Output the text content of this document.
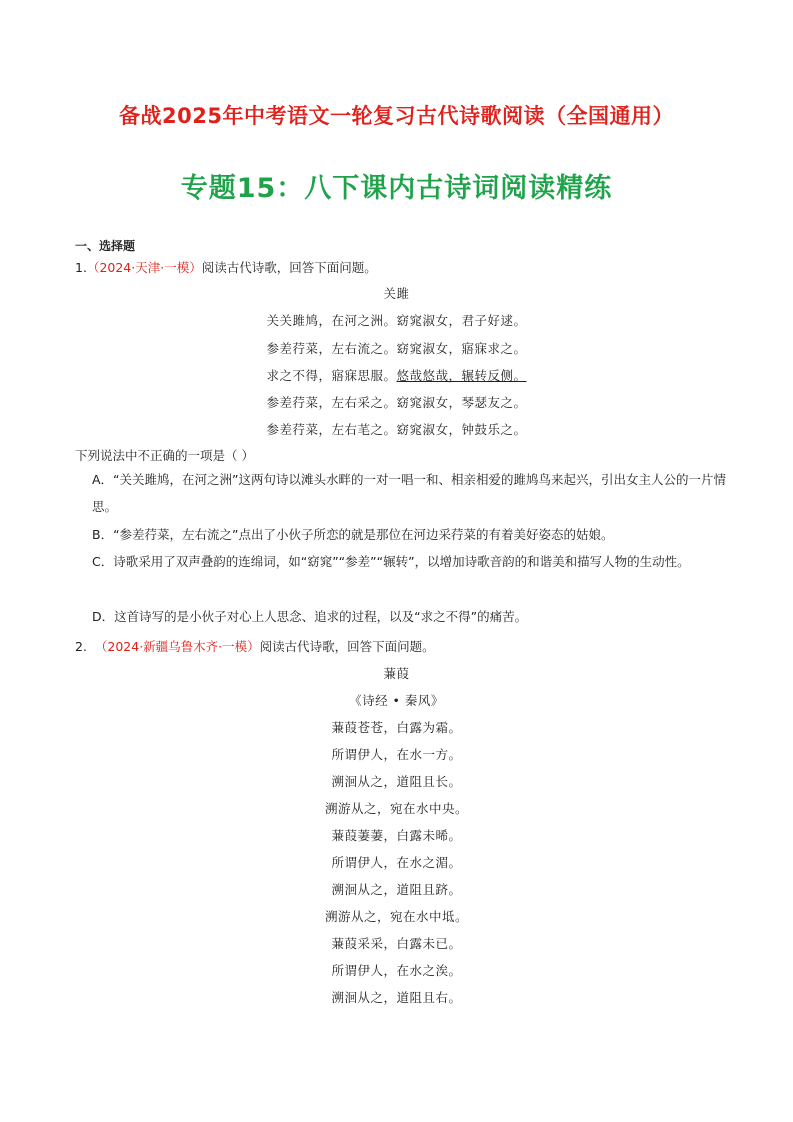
备战2025年中考语文一轮复习古代诗歌阅读（全国通用）
专题15：八下课内古诗词阅读精练
一、选择题
1.（2024·天津·一模）阅读古代诗歌，回答下面问题。
关雎
关关雎鸠，在河之洲。窈窕淑女，君子好逑。
参差荇菜，左右流之。窈窕淑女，寤寐求之。
求之不得，寤寐思服。悠哉悠哉，辗转反侧。
参差荇菜，左右采之。窈窕淑女，琴瑟友之。
参差荇菜，左右芼之。窈窕淑女，钟鼓乐之。
下列说法中不正确的一项是（ ）
A．“关关雎鸠，在河之洲”这两句诗以滩头水畔的一对一唱一和、相亲相爱的雎鸠鸟来起兴，引出女主人公的一片情思。
B．“参差荇菜，左右流之”点出了小伙子所恋的就是那位在河边采荇菜的有着美好姿态的姑娘。
C．诗歌采用了双声叠韵的连绵词，如“窈窕”“参差”“辗转”，以增加诗歌音韵的和谐美和描写人物的生动性。
D．这首诗写的是小伙子对心上人思念、追求的过程，以及“求之不得”的痛苦。
2. （2024·新疆乌鲁木齐·一模）阅读古代诗歌，回答下面问题。
蒹葭
《诗经 • 秦风》
蒹葭苍苍，白露为霜。
所谓伊人，在水一方。
溯洄从之，道阻且长。
溯游从之，宛在水中央。
蒹葭萋萋，白露未晞。
所谓伊人，在水之湄。
溯洄从之，道阻且跻。
溯游从之，宛在水中坻。
蒹葭采采，白露未已。
所谓伊人，在水之涘。
溯洄从之，道阻且右。
